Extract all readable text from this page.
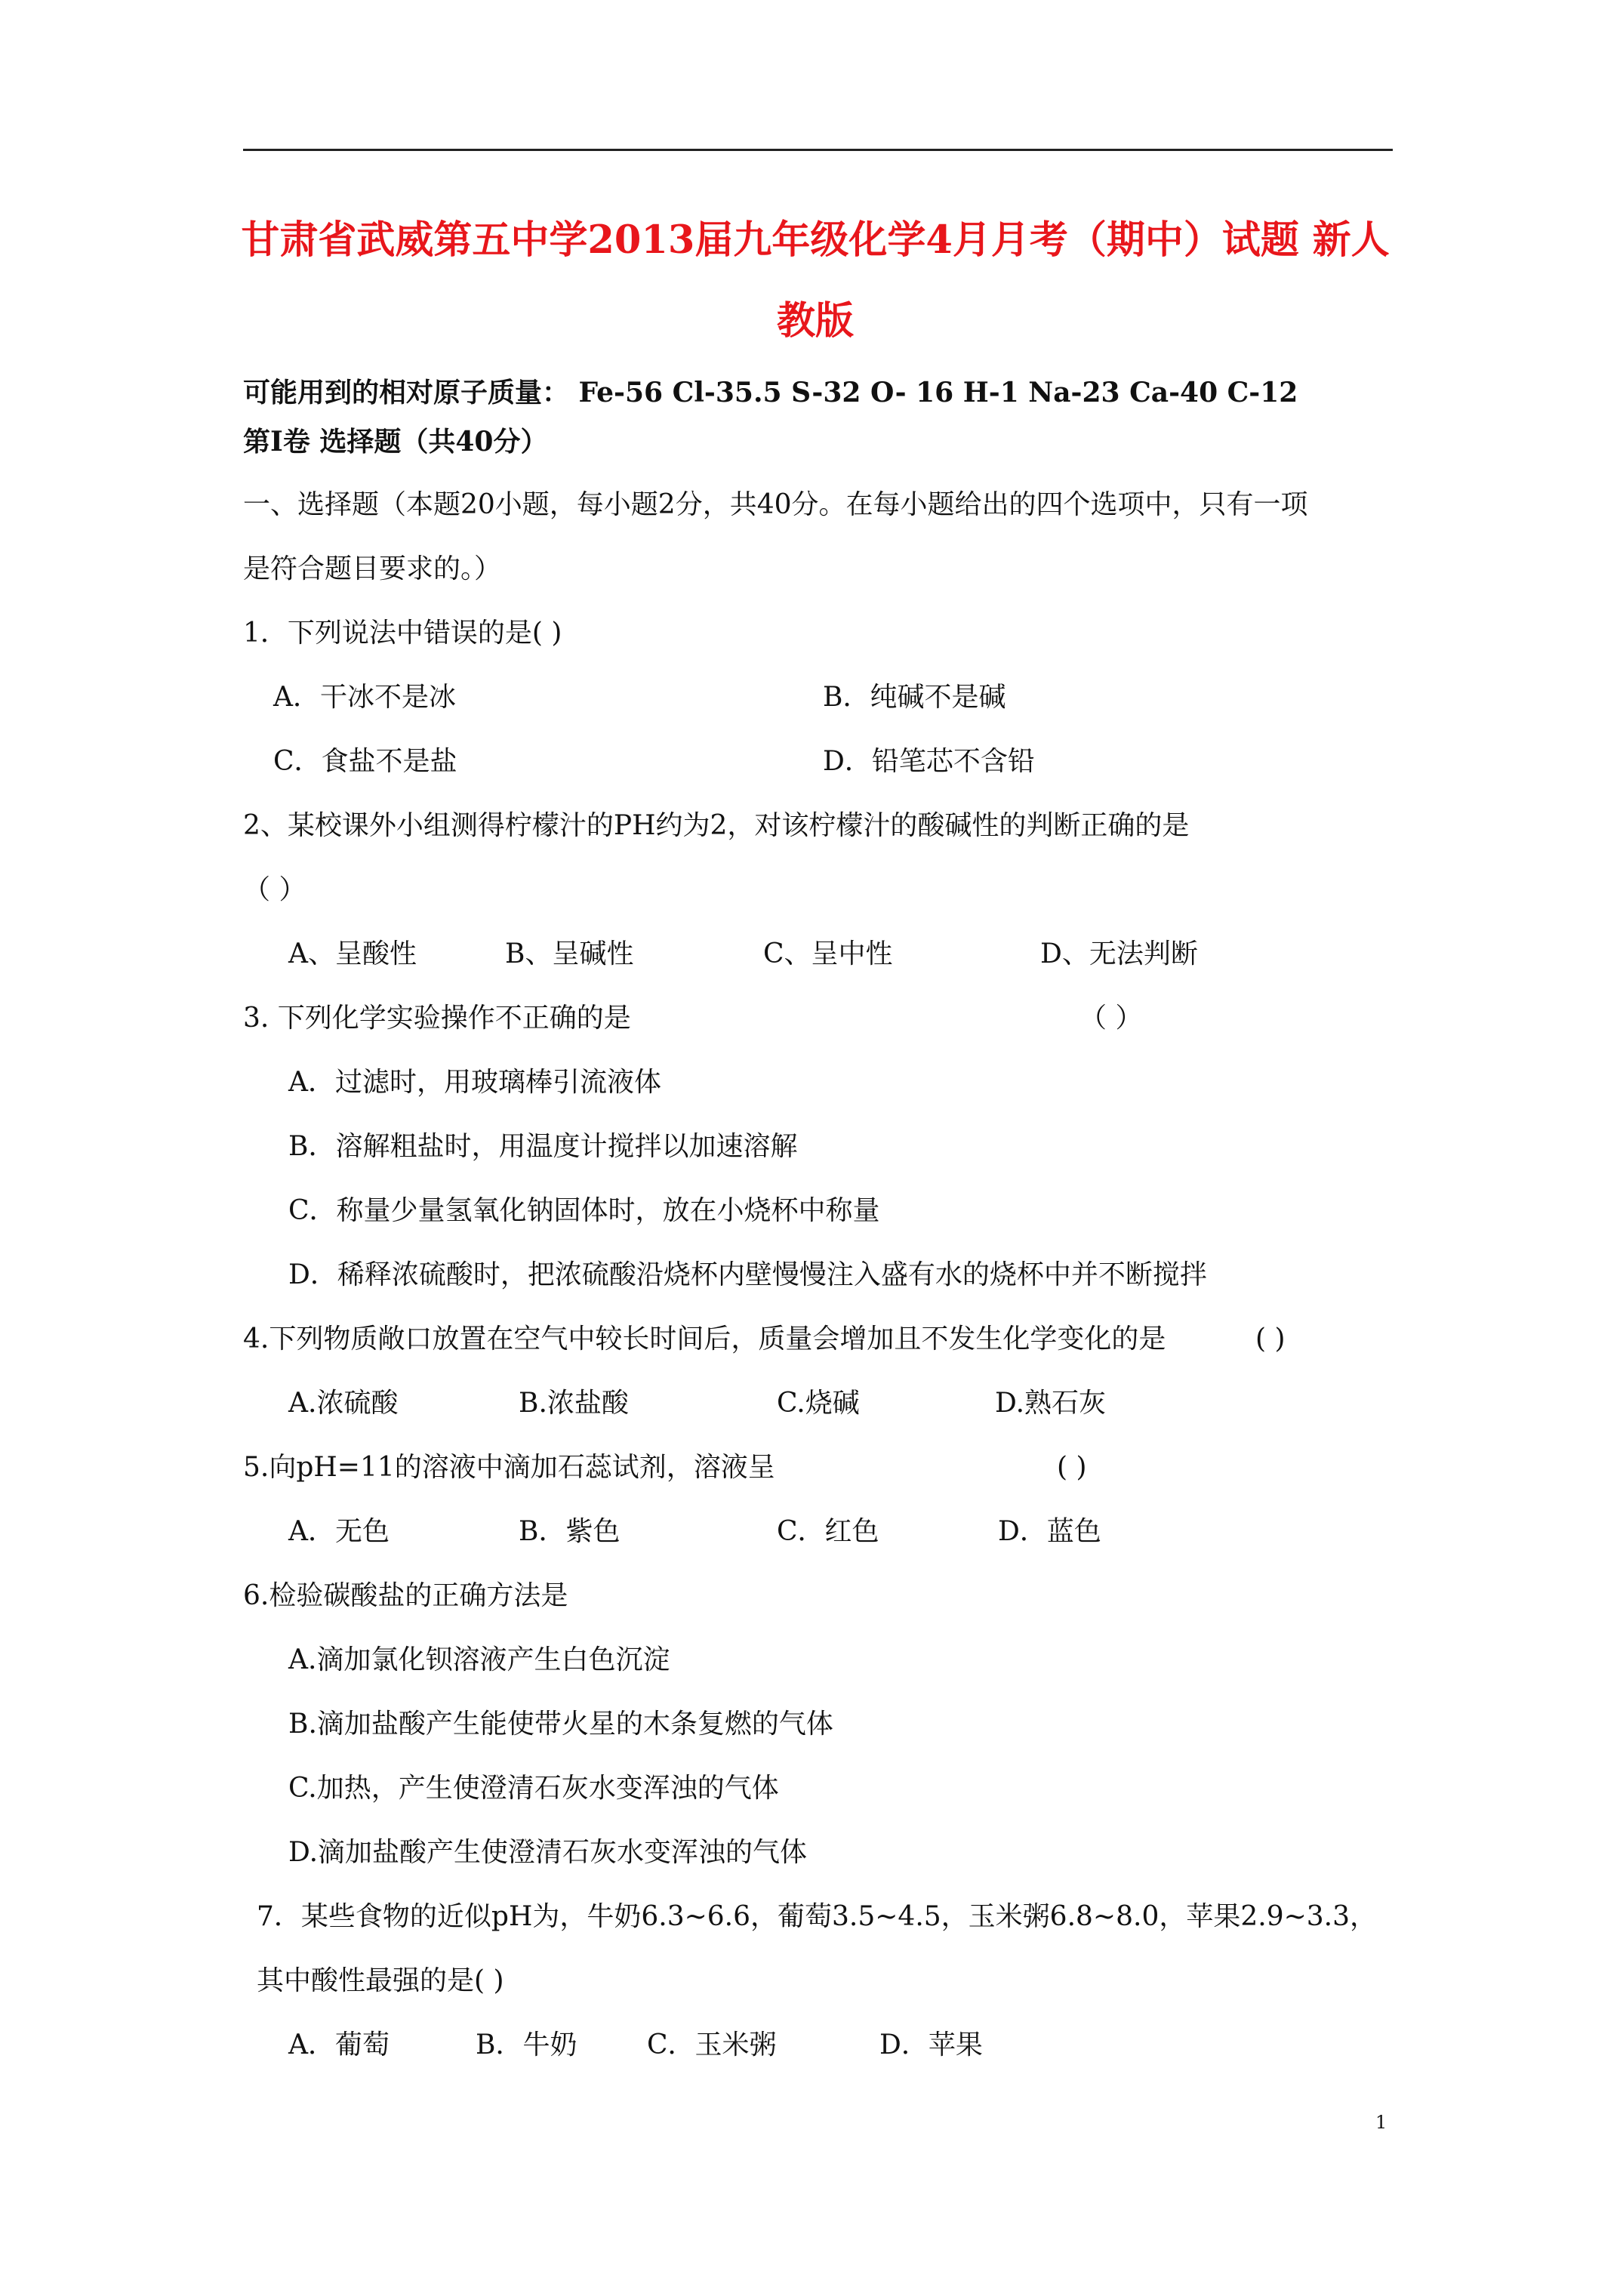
甘肃省武威第五中学2013届九年级化学4月月考（期中）试题 新人
教版
可能用到的相对原子质量： Fe-56 Cl-35.5 S-32 O- 16 H-1 Na-23 Ca-40 C-12
第Ⅰ卷 选择题（共40分）
一、选择题（本题20小题，每小题2分，共40分。在每小题给出的四个选项中，只有一项
是符合题目要求的。）
1．下列说法中错误的是( )
A．干冰不是冰	B．纯碱不是碱
C．食盐不是盐	D．铅笔芯不含铅
2、某校课外小组测得柠檬汁的PH约为2，对该柠檬汁的酸碱性的判断正确的是
（ ）
A、呈酸性	B、呈碱性	C、呈中性	D、无法判断
3. 下列化学实验操作不正确的是	（ ）
A．过滤时，用玻璃棒引流液体
B．溶解粗盐时，用温度计搅拌以加速溶解
C．称量少量氢氧化钠固体时，放在小烧杯中称量
D．稀释浓硫酸时，把浓硫酸沿烧杯内壁慢慢注入盛有水的烧杯中并不断搅拌
4.下列物质敞口放置在空气中较长时间后，质量会增加且不发生化学变化的是	( )
A.浓硫酸	B.浓盐酸	C.烧碱	D.熟石灰
5.向pH=11的溶液中滴加石蕊试剂，溶液呈	( )
A．无色	B．紫色	C．红色	D．蓝色
6.检验碳酸盐的正确方法是
A.滴加氯化钡溶液产生白色沉淀
B.滴加盐酸产生能使带火星的木条复燃的气体
C.加热，产生使澄清石灰水变浑浊的气体
D.滴加盐酸产生使澄清石灰水变浑浊的气体
7．某些食物的近似pH为，牛奶6.3~6.6，葡萄3.5~4.5，玉米粥6.8~8.0，苹果2.9~3.3，
其中酸性最强的是( )
A．葡萄	B．牛奶	C．玉米粥	D．苹果
1
